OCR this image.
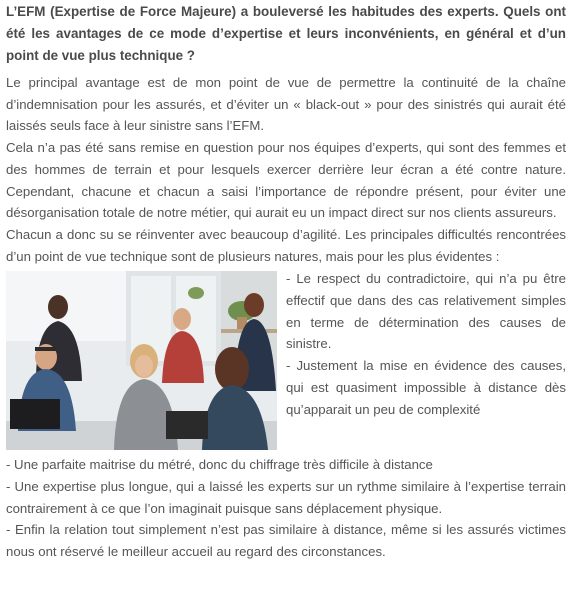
L’EFM (Expertise de Force Majeure) a bouleversé les habitudes des experts. Quels ont été les avantages de ce mode d’expertise et leurs inconvénients, en général et d’un point de vue plus technique ?

Le principal avantage est de mon point de vue de permettre la continuité de la chaîne d’indemnisation pour les assurés, et d’éviter un « black-out » pour des sinistrés qui aurait été laissés seuls face à leur sinistre sans l’EFM.

Cela n’a pas été sans remise en question pour nos équipes d’experts, qui sont des femmes et des hommes de terrain et pour lesquels exercer derrière leur écran a été contre nature. Cependant, chacune et chacun a saisi l’importance de répondre présent, pour éviter une désorganisation totale de notre métier, qui aurait eu un impact direct sur nos clients assureurs.

Chacun a donc su se réinventer avec beaucoup d’agilité. Les principales difficultés rencontrées d’un point de vue technique sont de plusieurs natures, mais pour les plus évidentes :

- Le respect du contradictoire, qui n’a pu être effectif que dans des cas relativement simples en terme de détermination des causes de sinistre.

- Justement la mise en évidence des causes, qui est quasiment impossible à distance dès qu’apparait un peu de complexité

- Une parfaite maitrise du métré, donc du chiffrage très difficile à distance

- Une expertise plus longue, qui a laissé les experts sur un rythme similaire à l’expertise terrain contrairement à ce que l’on imaginait puisque sans déplacement physique.

- Enfin la relation tout simplement n’est pas similaire à distance, même si les assurés victimes nous ont réservé le meilleur accueil au regard des circonstances.
